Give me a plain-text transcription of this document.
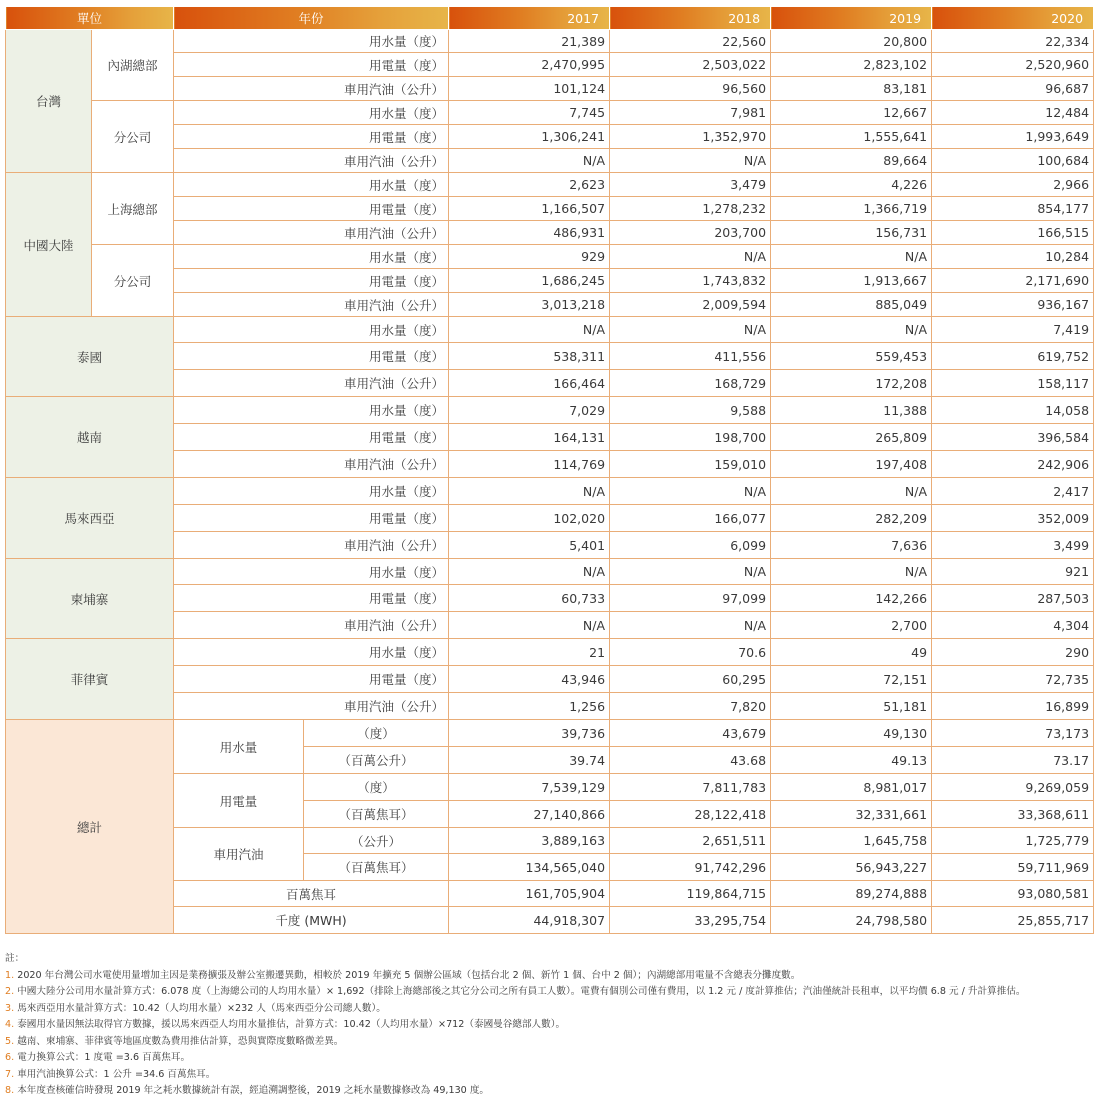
單位		年份		2017	2018	2019	2020
台灣	內湖總部	用水量（度）		21,389	22,560	20,800	22,334
		用電量（度）		2,470,995	2,503,022	2,823,102	2,520,960
		車用汽油（公升）		101,124	96,560	83,181	96,687
	分公司	用水量（度）		7,745	7,981	12,667	12,484
		用電量（度）		1,306,241	1,352,970	1,555,641	1,993,649
		車用汽油（公升）		N/A	N/A	89,664	100,684
中國大陸	上海總部	用水量（度）		2,623	3,479	4,226	2,966
		用電量（度）		1,166,507	1,278,232	1,366,719	854,177
		車用汽油（公升）		486,931	203,700	156,731	166,515
	分公司	用水量（度）		929	N/A	N/A	10,284
		用電量（度）		1,686,245	1,743,832	1,913,667	2,171,690
		車用汽油（公升）		3,013,218	2,009,594	885,049	936,167
泰國		用水量（度）		N/A	N/A	N/A	7,419
		用電量（度）		538,311	411,556	559,453	619,752
		車用汽油（公升）		166,464	168,729	172,208	158,117
越南		用水量（度）		7,029	9,588	11,388	14,058
		用電量（度）		164,131	198,700	265,809	396,584
		車用汽油（公升）		114,769	159,010	197,408	242,906
馬來西亞		用水量（度）		N/A	N/A	N/A	2,417
		用電量（度）		102,020	166,077	282,209	352,009
		車用汽油（公升）		5,401	6,099	7,636	3,499
柬埔寨		用水量（度）		N/A	N/A	N/A	921
		用電量（度）		60,733	97,099	142,266	287,503
		車用汽油（公升）		N/A	N/A	2,700	4,304
菲律賓		用水量（度）		21	70.6	49	290
		用電量（度）		43,946	60,295	72,151	72,735
		車用汽油（公升）		1,256	7,820	51,181	16,899
總計		用水量	（度）	39,736	43,679	49,130	73,173
			（百萬公升）	39.74	43.68	49.13	73.17
		用電量	（度）	7,539,129	7,811,783	8,981,017	9,269,059
			（百萬焦耳）	27,140,866	28,122,418	32,331,661	33,368,611
		車用汽油	（公升）	3,889,163	2,651,511	1,645,758	1,725,779
			（百萬焦耳）	134,565,040	91,742,296	56,943,227	59,711,969
		百萬焦耳		161,705,904	119,864,715	89,274,888	93,080,581
		千度 (MWH)		44,918,307	33,295,754	24,798,580	25,855,717
註：
1. 2020 年台灣公司水電使用量增加主因是業務擴張及辦公室搬遷異動，相較於 2019 年擴充 5 個辦公區域（包括台北 2 個、新竹 1 個、台中 2 個）；內湖總部用電量不含總表分攤度數。
2. 中國大陸分公司用水量計算方式：6.078 度（上海總公司的人均用水量）× 1,692（排除上海總部後之其它分公司之所有員工人數）。電費有個別公司僅有費用，以 1.2 元 / 度計算推估；汽油僅統計長租車，以平均價 6.8 元 / 升計算推估。
3. 馬來西亞用水量計算方式：10.42（人均用水量）×232 人（馬來西亞分公司總人數）。
4. 泰國用水量因無法取得官方數據，援以馬來西亞人均用水量推估，計算方式：10.42（人均用水量）×712（泰國曼谷總部人數）。
5. 越南、柬埔寨、菲律賓等地區度數為費用推估計算，恐與實際度數略微差異。
6. 電力換算公式：1 度電 =3.6 百萬焦耳。
7. 車用汽油換算公式：1 公升 =34.6 百萬焦耳。
8. 本年度查核確信時發現 2019 年之耗水數據統計有誤，經追溯調整後，2019 之耗水量數據修改為 49,130 度。
